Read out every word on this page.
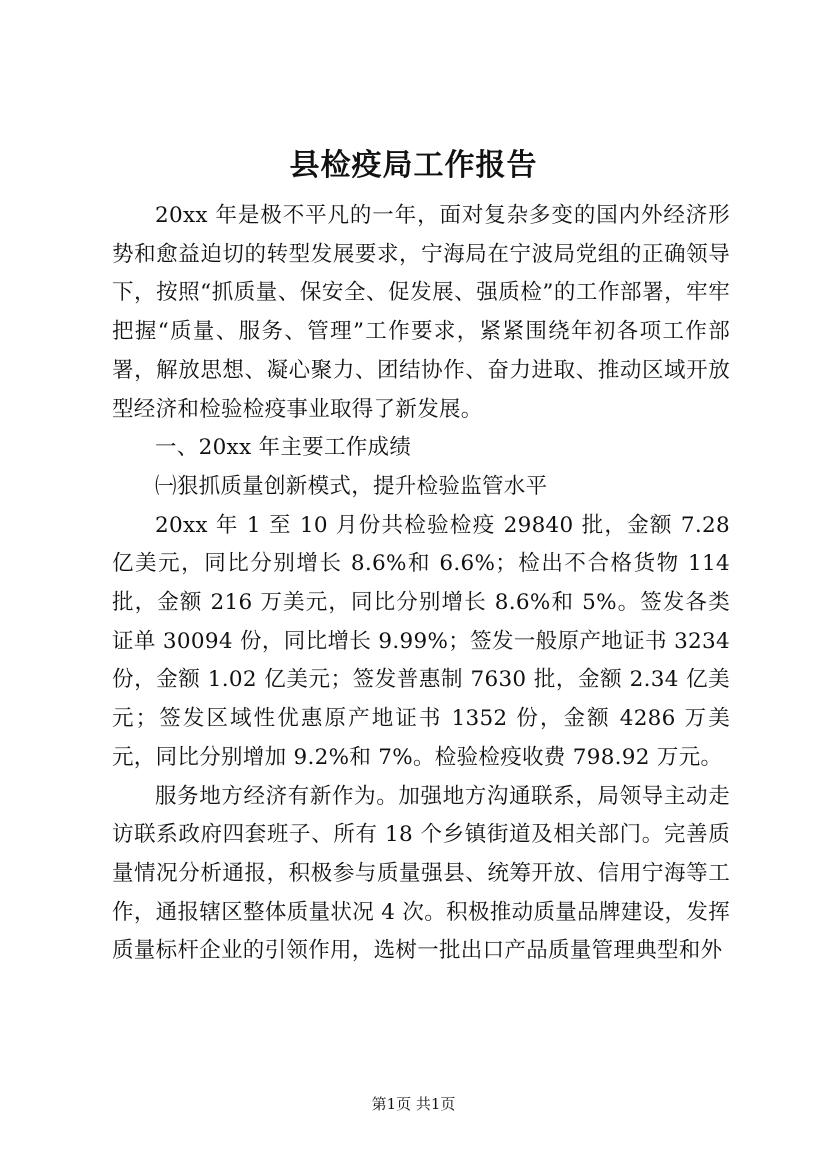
县检疫局工作报告

20xx 年是极不平凡的一年，面对复杂多变的国内外经济形势和愈益迫切的转型发展要求，宁海局在宁波局党组的正确领导下，按照“抓质量、保安全、促发展、强质检”的工作部署，牢牢把握“质量、服务、管理”工作要求，紧紧围绕年初各项工作部署，解放思想、凝心聚力、团结协作、奋力进取、推动区域开放型经济和检验检疫事业取得了新发展。

一、20xx 年主要工作成绩

㈠狠抓质量创新模式，提升检验监管水平

20xx 年 1 至 10 月份共检验检疫 29840 批，金额 7.28 亿美元，同比分别增长 8.6%和 6.6%；检出不合格货物 114 批，金额 216 万美元，同比分别增长 8.6%和 5%。签发各类证单 30094 份，同比增长 9.99%；签发一般原产地证书 3234 份，金额 1.02 亿美元；签发普惠制 7630 批，金额 2.34 亿美元；签发区域性优惠原产地证书 1352 份，金额 4286 万美元，同比分别增加 9.2%和 7%。检验检疫收费 798.92 万元。

服务地方经济有新作为。加强地方沟通联系，局领导主动走访联系政府四套班子、所有 18 个乡镇街道及相关部门。完善质量情况分析通报，积极参与质量强县、统筹开放、信用宁海等工作，通报辖区整体质量状况 4 次。积极推动质量品牌建设，发挥质量标杆企业的引领作用，选树一批出口产品质量管理典型和外

第1页 共1页
